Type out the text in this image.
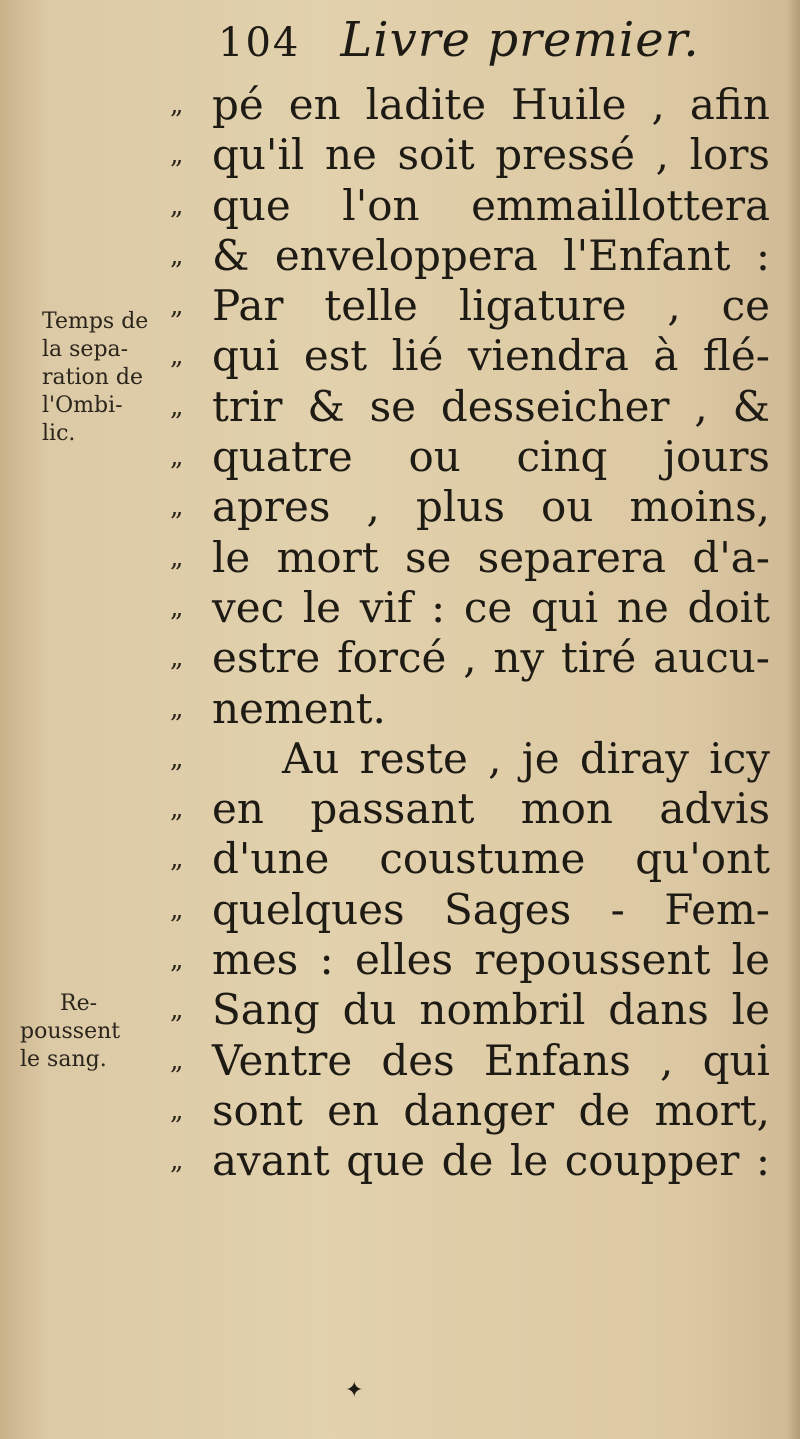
104 Livre premier.
„ pé en ladite Huile , afin
„ qu'il ne soit pressé , lors
„ que l'on emmaillottera
„ & enveloppera l'Enfant :
„ Par telle ligature , ce
„ qui est lié viendra à flé-
„ trir & se desseicher , &
„ quatre ou cinq jours
„ apres , plus ou moins,
„ le mort se separera d'a-
„ vec le vif : ce qui ne doit
„ estre forcé , ny tiré aucu-
„ nement.
„	Au reste , je diray icy
„ en passant mon advis
„ d'une coustume qu'ont
„ quelques Sages - Fem-
„ mes : elles repoussent le
„ Sang du nombril dans le
„ Ventre des Enfans , qui
„ sont en danger de mort,
„ avant que de le coupper :
Temps de
la sepa-
ration de
l'Ombi-
lic.
Re-
poussent
le sang.
✦
